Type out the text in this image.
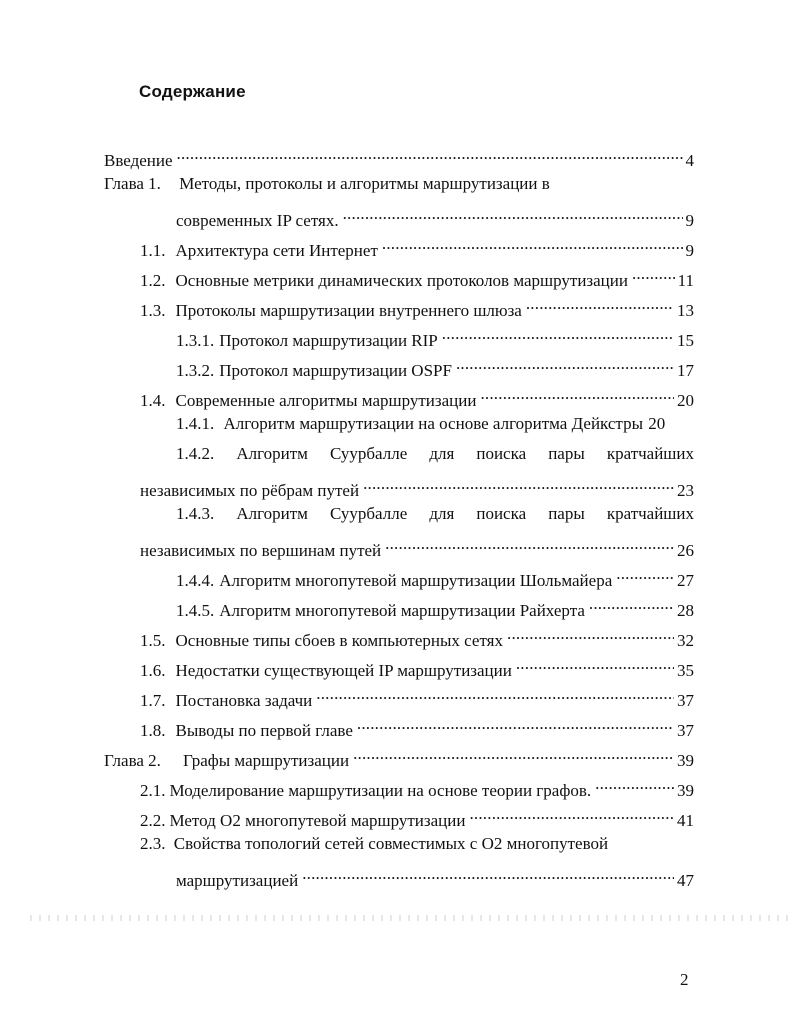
Содержание
Введение .....	4
Глава 1. Методы, протоколы и алгоритмы маршрутизации в
современных IP сетях. .....	9
1.1. Архитектура сети Интернет .....	9
1.2. Основные метрики динамических протоколов маршрутизации .....	11
1.3. Протоколы маршрутизации внутреннего шлюза .....	13
1.3.1. Протокол маршрутизации RIP .....	15
1.3.2. Протокол маршрутизации OSPF .....	17
1.4. Современные алгоритмы маршрутизации .....	20
1.4.1. Алгоритм маршрутизации на основе алгоритма Дейкстры 20
1.4.2. Алгоритм Суурбалле для поиска пары кратчайших
независимых по рёбрам путей .....	23
1.4.3. Алгоритм Суурбалле для поиска пары кратчайших
независимых по вершинам путей .....	26
1.4.4. Алгоритм многопутевой маршрутизации Шольмайера .....	27
1.4.5. Алгоритм многопутевой маршрутизации Райхерта .....	28
1.5. Основные типы сбоев в компьютерных сетях .....	32
1.6. Недостатки существующей IP маршрутизации .....	35
1.7. Постановка задачи .....	37
1.8. Выводы по первой главе .....	37
Глава 2. Графы маршрутизации .....	39
2.1. Моделирование маршрутизации на основе теории графов. .....	39
2.2. Метод О2 многопутевой маршрутизации .....	41
2.3. Свойства топологий сетей совместимых с О2 многопутевой
маршрутизацией .....	47
2
